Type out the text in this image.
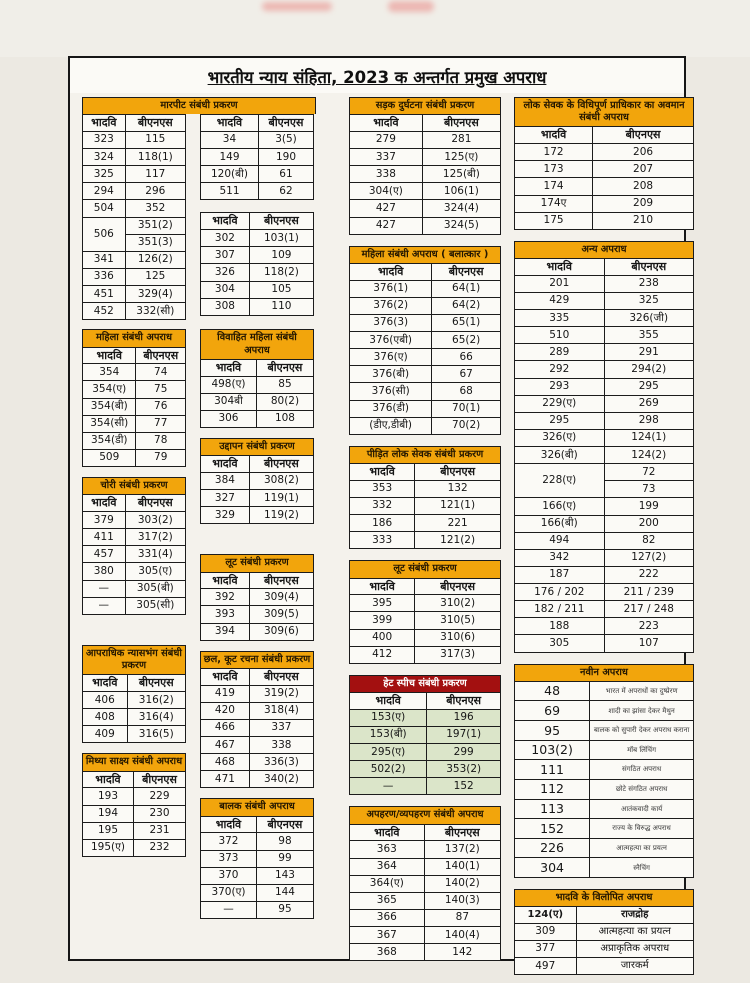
भारतीय न्याय संहिता, 2023 क अन्तर्गत प्रमुख अपराध
मारपीट संबंधी प्रकरण
भादवि	बीएनएस
323	115
324	118(1)
325	117
294	296
504	352
506	351(2)
	351(3)
341	126(2)
336	125
451	329(4)
452	332(सी)
भादवि	बीएनएस
34	3(5)
149	190
120(बी)	61
511	62
भादवि	बीएनएस
302	103(1)
307	109
326	118(2)
304	105
308	110
महिला संबंधी अपराध
भादवि	बीएनएस
354	74
354(ए)	75
354(बी)	76
354(सी)	77
354(डी)	78
509	79
चोरी संबंधी प्रकरण
भादवि	बीएनएस
379	303(2)
411	317(2)
457	331(4)
380	305(ए)
—	305(बी)
—	305(सी)
आपराधिक न्यासभंग संबंधी प्रकरण
भादवि	बीएनएस
406	316(2)
408	316(4)
409	316(5)
मिथ्या साक्ष्य संबंधी अपराध
भादवि	बीएनएस
193	229
194	230
195	231
195(ए)	232
विवाहित महिला संबंधी अपराध
भादवि	बीएनएस
498(ए)	85
304बी	80(2)
306	108
उद्दापन संबंधी प्रकरण
भादवि	बीएनएस
384	308(2)
327	119(1)
329	119(2)
लूट संबंधी प्रकरण
भादवि	बीएनएस
392	309(4)
393	309(5)
394	309(6)
छल, कूट रचना संबंधी प्रकरण
भादवि	बीएनएस
419	319(2)
420	318(4)
466	337
467	338
468	336(3)
471	340(2)
बालक संबंधी अपराध
भादवि	बीएनएस
372	98
373	99
370	143
370(ए)	144
—	95
सड़क दुर्घटना संबंधी प्रकरण
भादवि	बीएनएस
279	281
337	125(ए)
338	125(बी)
304(ए)	106(1)
427	324(4)
427	324(5)
महिला संबंधी अपराध ( बलात्कार )
भादवि	बीएनएस
376(1)	64(1)
376(2)	64(2)
376(3)	65(1)
376(एबी)	65(2)
376(ए)	66
376(बी)	67
376(सी)	68
376(डी)	70(1)
(डीए,डीबी)	70(2)
पीड़ित लोक सेवक संबंधी प्रकरण
भादवि	बीएनएस
353	132
332	121(1)
186	221
333	121(2)
लूट संबंधी प्रकरण
भादवि	बीएनएस
395	310(2)
399	310(5)
400	310(6)
412	317(3)
हेट स्पीच संबंधी प्रकरण
भादवि	बीएनएस
153(ए)	196
153(बी)	197(1)
295(ए)	299
502(2)	353(2)
—	152
अपहरण/व्यपहरण संबंधी अपराध
भादवि	बीएनएस
363	137(2)
364	140(1)
364(ए)	140(2)
365	140(3)
366	87
367	140(4)
368	142
लोक सेवक के विधिपूर्ण प्राधिकार का अवमान संबंधी अपराध
भादवि	बीएनएस
172	206
173	207
174	208
174ए	209
175	210
अन्य अपराध
भादवि	बीएनएस
201	238
429	325
335	326(जी)
510	355
289	291
292	294(2)
293	295
229(ए)	269
295	298
326(ए)	124(1)
326(बी)	124(2)
228(ए)	72
	73
166(ए)	199
166(बी)	200
494	82
342	127(2)
187	222
176 / 202	211 / 239
182 / 211	217 / 248
188	223
305	107
नवीन अपराध
48	भारत में अपराधों का दुष्प्रेरण
69	शादी का झांसा देकर मैथुन
95	बालक को सुपारी देकर अपराध कराना
103(2)	मॉब लिंचिंग
111	संगठित अपराध
112	छोटे संगठित अपराध
113	आतंकवादी कार्य
152	राज्य के विरुद्ध अपराध
226	आत्महत्या का प्रयत्न
304	स्नैचिंग
भादवि के विलोपित अपराध
124(ए)	राजद्रोह
309	आत्महत्या का प्रयत्न
377	अप्राकृतिक अपराध
497	जारकर्म
